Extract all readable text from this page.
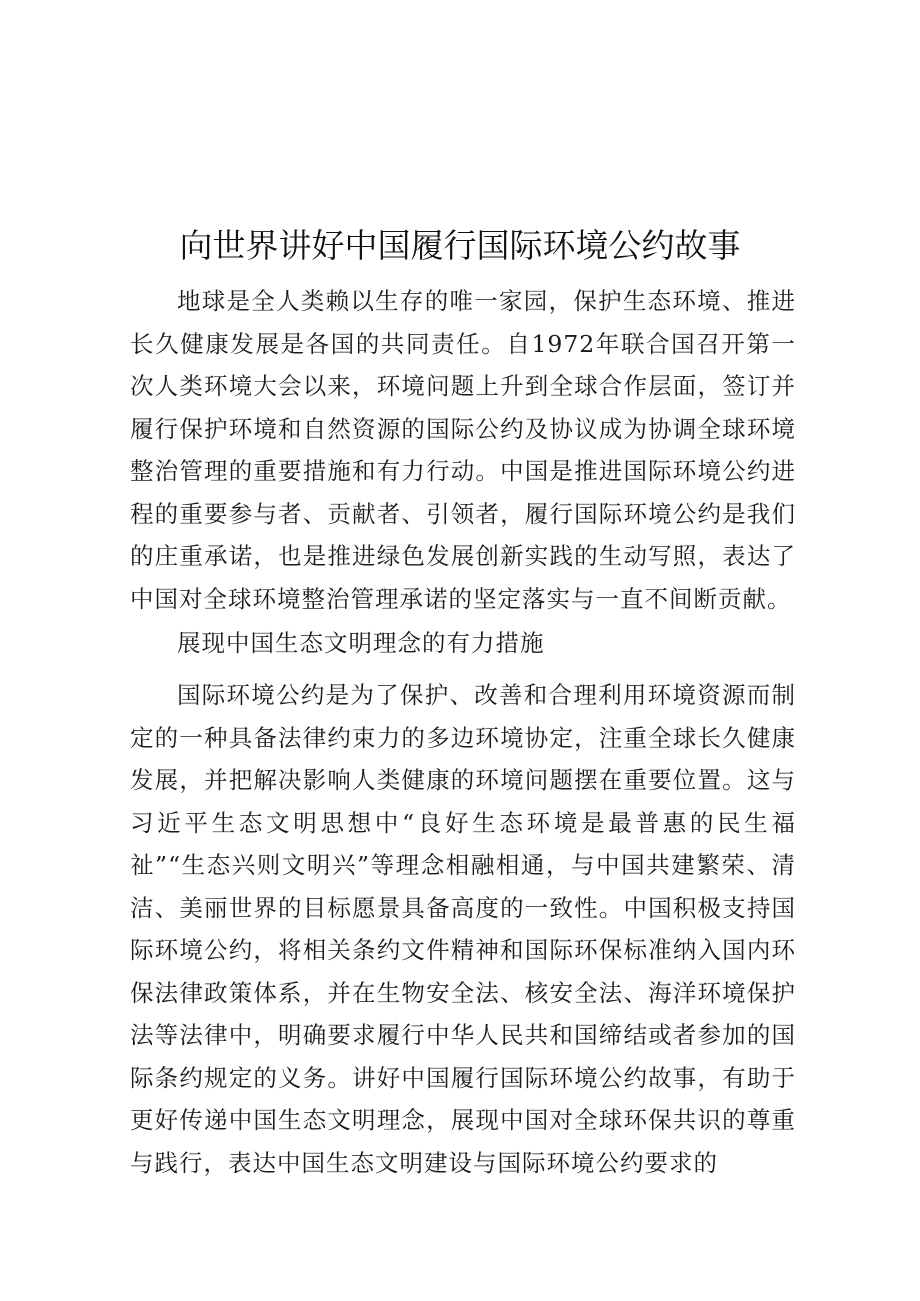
向世界讲好中国履行国际环境公约故事

地球是全人类赖以生存的唯一家园，保护生态环境、推进长久健康发展是各国的共同责任。自1972年联合国召开第一次人类环境大会以来，环境问题上升到全球合作层面，签订并履行保护环境和自然资源的国际公约及协议成为协调全球环境整治管理的重要措施和有力行动。中国是推进国际环境公约进程的重要参与者、贡献者、引领者，履行国际环境公约是我们的庄重承诺，也是推进绿色发展创新实践的生动写照，表达了中国对全球环境整治管理承诺的坚定落实与一直不间断贡献。

展现中国生态文明理念的有力措施

国际环境公约是为了保护、改善和合理利用环境资源而制定的一种具备法律约束力的多边环境协定，注重全球长久健康发展，并把解决影响人类健康的环境问题摆在重要位置。这与习近平生态文明思想中“良好生态环境是最普惠的民生福祉”“生态兴则文明兴”等理念相融相通，与中国共建繁荣、清洁、美丽世界的目标愿景具备高度的一致性。中国积极支持国际环境公约，将相关条约文件精神和国际环保标准纳入国内环保法律政策体系，并在生物安全法、核安全法、海洋环境保护法等法律中，明确要求履行中华人民共和国缔结或者参加的国际条约规定的义务。讲好中国履行国际环境公约故事，有助于更好传递中国生态文明理念，展现中国对全球环保共识的尊重与践行，表达中国生态文明建设与国际环境公约要求的
